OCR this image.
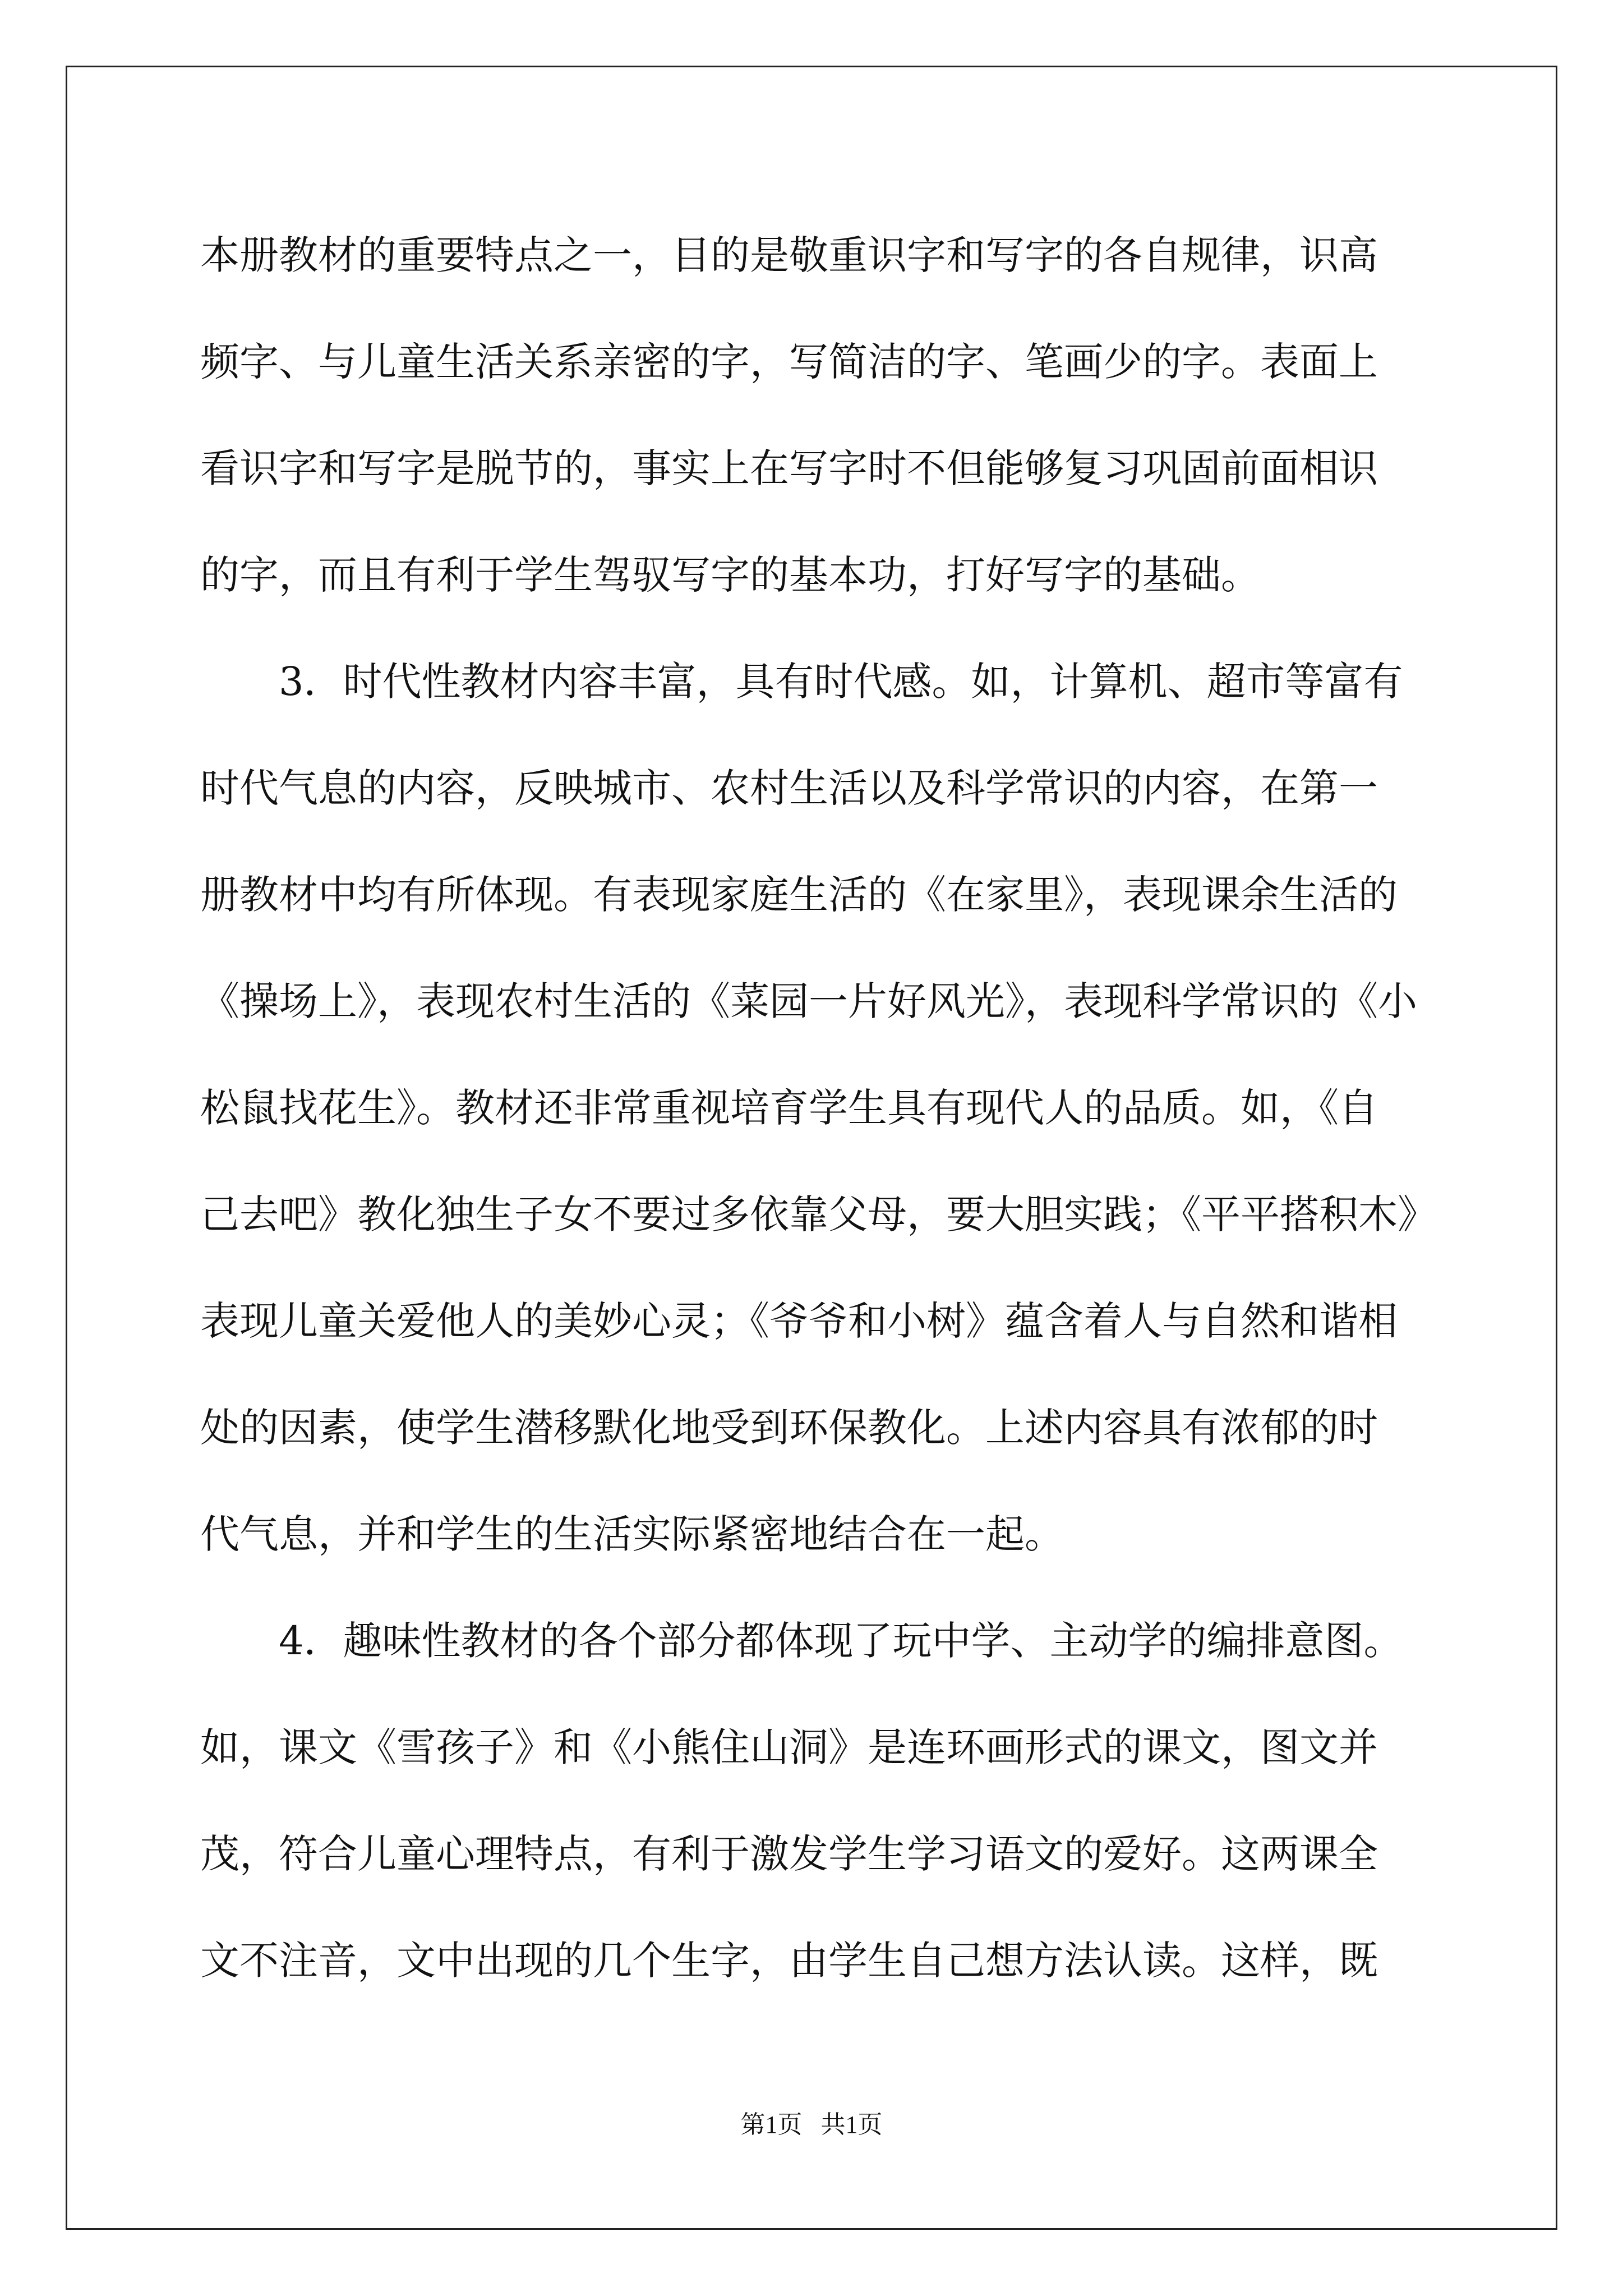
本册教材的重要特点之一，目的是敬重识字和写字的各自规律，识高
频字、与儿童生活关系亲密的字，写简洁的字、笔画少的字。表面上
看识字和写字是脱节的，事实上在写字时不但能够复习巩固前面相识
的字，而且有利于学生驾驭写字的基本功，打好写字的基础。
3．时代性教材内容丰富，具有时代感。如，计算机、超市等富有
时代气息的内容，反映城市、农村生活以及科学常识的内容，在第一
册教材中均有所体现。有表现家庭生活的《在家里》，表现课余生活的
《操场上》，表现农村生活的《菜园一片好风光》，表现科学常识的《小
松鼠找花生》。教材还非常重视培育学生具有现代人的品质。如，《自
己去吧》教化独生子女不要过多依靠父母，要大胆实践；《平平搭积木》
表现儿童关爱他人的美妙心灵；《爷爷和小树》蕴含着人与自然和谐相
处的因素，使学生潜移默化地受到环保教化。上述内容具有浓郁的时
代气息，并和学生的生活实际紧密地结合在一起。
4．趣味性教材的各个部分都体现了玩中学、主动学的编排意图。
如，课文《雪孩子》和《小熊住山洞》是连环画形式的课文，图文并
茂，符合儿童心理特点，有利于激发学生学习语文的爱好。这两课全
文不注音，文中出现的几个生字，由学生自己想方法认读。这样，既
第1页   共1页
